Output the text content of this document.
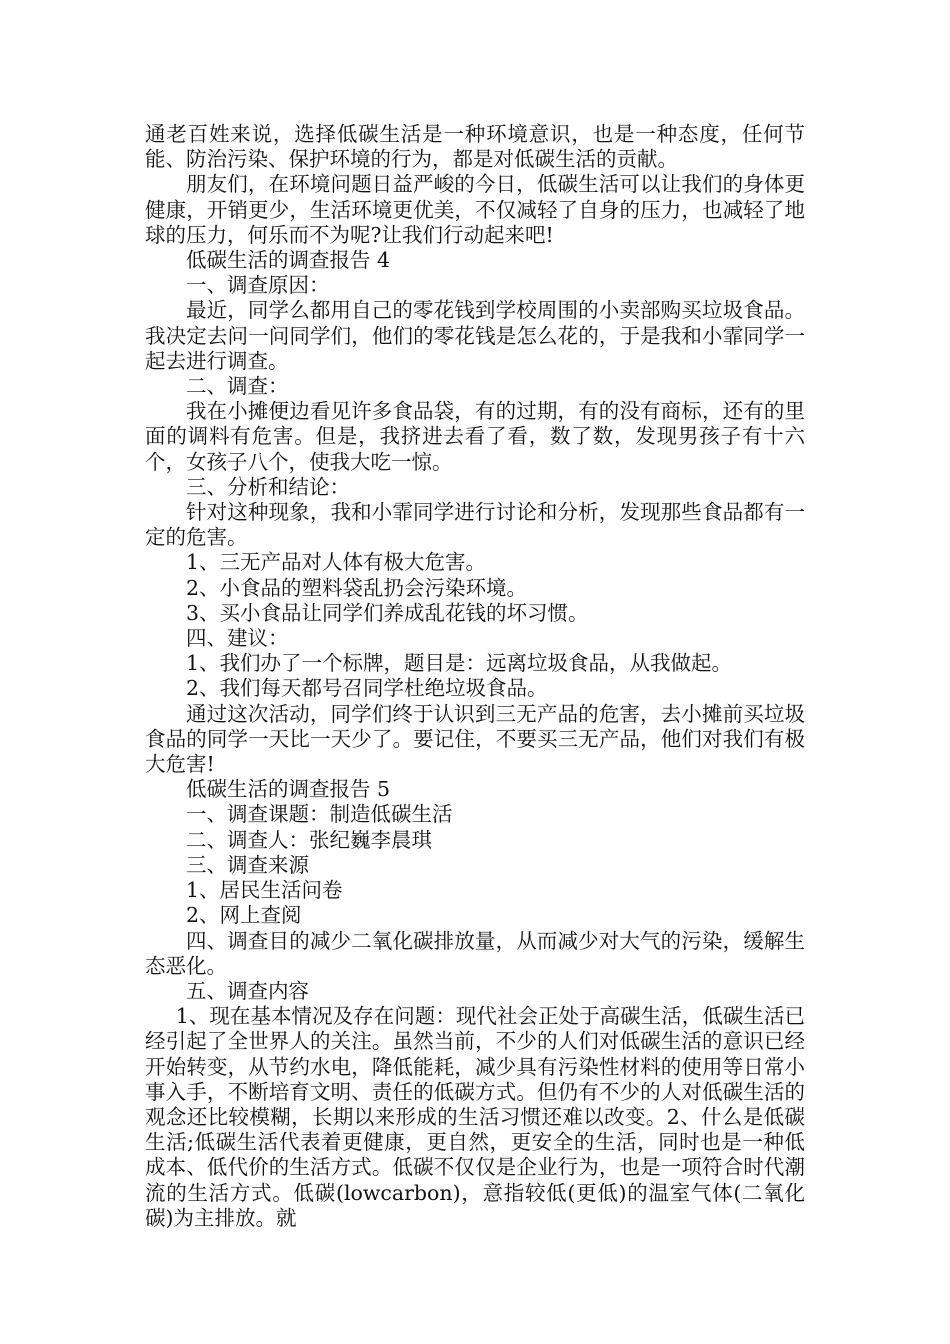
通老百姓来说，选择低碳生活是一种环境意识，也是一种态度，任何节能、防治污染、保护环境的行为，都是对低碳生活的贡献。

朋友们，在环境问题日益严峻的今日，低碳生活可以让我们的身体更健康，开销更少，生活环境更优美，不仅减轻了自身的压力，也减轻了地球的压力，何乐而不为呢?让我们行动起来吧!

低碳生活的调查报告 4

一、调查原因：

最近，同学么都用自己的零花钱到学校周围的小卖部购买垃圾食品。我决定去问一问同学们，他们的零花钱是怎么花的，于是我和小霏同学一起去进行调查。

二、调查：

我在小摊便边看见许多食品袋，有的过期，有的没有商标，还有的里面的调料有危害。但是，我挤进去看了看，数了数，发现男孩子有十六个，女孩子八个，使我大吃一惊。

三、分析和结论：

针对这种现象，我和小霏同学进行讨论和分析，发现那些食品都有一定的危害。

1、三无产品对人体有极大危害。

2、小食品的塑料袋乱扔会污染环境。

3、买小食品让同学们养成乱花钱的坏习惯。

四、建议：

1、我们办了一个标牌，题目是：远离垃圾食品，从我做起。

2、我们每天都号召同学杜绝垃圾食品。

通过这次活动，同学们终于认识到三无产品的危害，去小摊前买垃圾食品的同学一天比一天少了。要记住，不要买三无产品，他们对我们有极大危害!

低碳生活的调查报告 5

一、调查课题：制造低碳生活

二、调查人：张纪巍李晨琪

三、调查来源

1、居民生活问卷

2、网上查阅

四、调查目的减少二氧化碳排放量，从而减少对大气的污染，缓解生态恶化。

五、调查内容

1、现在基本情况及存在问题：现代社会正处于高碳生活，低碳生活已经引起了全世界人的关注。虽然当前，不少的人们对低碳生活的意识已经开始转变，从节约水电，降低能耗，减少具有污染性材料的使用等日常小事入手，不断培育文明、责任的低碳方式。但仍有不少的人对低碳生活的观念还比较模糊，长期以来形成的生活习惯还难以改变。2、什么是低碳生活;低碳生活代表着更健康，更自然，更安全的生活，同时也是一种低成本、低代价的生活方式。低碳不仅仅是企业行为，也是一项符合时代潮流的生活方式。低碳(lowcarbon)，意指较低(更低)的温室气体(二氧化碳)为主排放。就
